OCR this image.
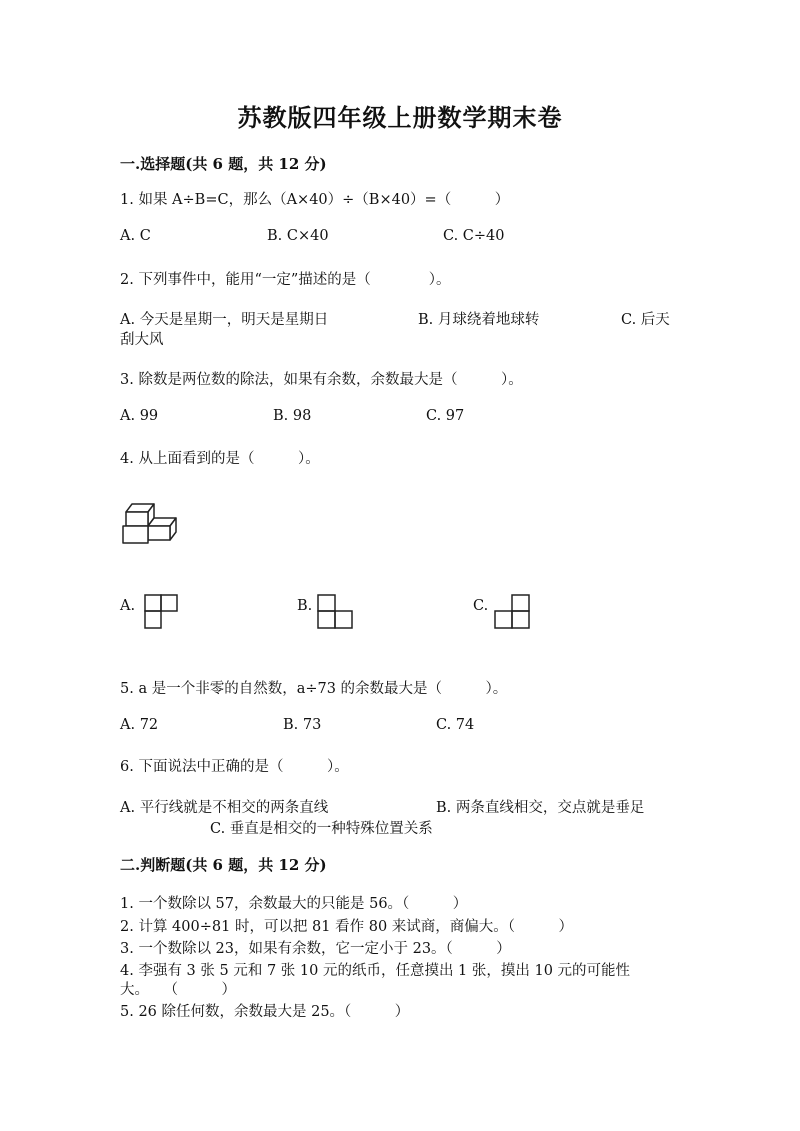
苏教版四年级上册数学期末卷
一.选择题(共 6 题，共 12 分)
1. 如果 A÷B=C，那么（A×40）÷（B×40）=（　　　）
A. C	B. C×40	C. C÷40
2. 下列事件中，能用“一定”描述的是（　　　　）。
A. 今天是星期一，明天是星期日	B. 月球绕着地球转	C. 后天
刮大风
3. 除数是两位数的除法，如果有余数，余数最大是（　　　）。
A. 99	B. 98	C. 97
4. 从上面看到的是（　　　）。
A.	B.	C.
5. a 是一个非零的自然数，a÷73 的余数最大是（　　　）。
A. 72	B. 73	C. 74
6. 下面说法中正确的是（　　　）。
A. 平行线就是不相交的两条直线	B. 两条直线相交，交点就是垂足
C. 垂直是相交的一种特殊位置关系
二.判断题(共 6 题，共 12 分)
1. 一个数除以 57，余数最大的只能是 56。（　　　）
2. 计算 400÷81 时，可以把 81 看作 80 来试商，商偏大。（　　　）
3. 一个数除以 23，如果有余数，它一定小于 23。（　　　）
4. 李强有 3 张 5 元和 7 张 10 元的纸币，任意摸出 1 张，摸出 10 元的可能性
大。　　（　　　）
5. 26 除任何数，余数最大是 25。（　　　）
